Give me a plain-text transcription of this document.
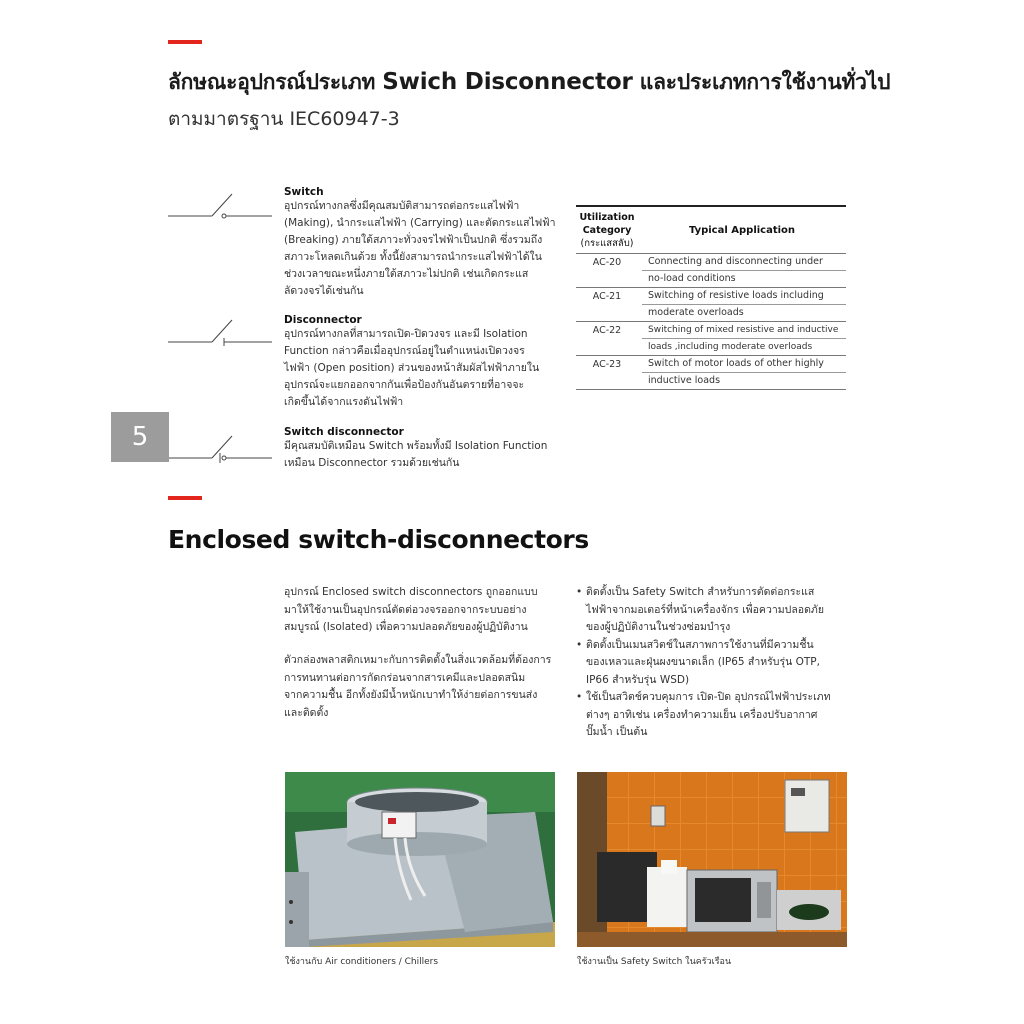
ลักษณะอุปกรณ์ประเภท Swich Disconnector และประเภทการใช้งานทั่วไป
ตามมาตรฐาน IEC60947-3
Switch
อุปกรณ์ทางกลซึ่งมีคุณสมบัติสามารถต่อกระแสไฟฟ้า
(Making), นำกระแสไฟฟ้า (Carrying) และตัดกระแสไฟฟ้า
(Breaking) ภายใต้สภาวะทั่วงจรไฟฟ้าเป็นปกติ ซึ่งรวมถึง
สภาวะโหลดเกินด้วย ทั้งนี้ยังสามารถนำกระแสไฟฟ้าได้ใน
ช่วงเวลาขณะหนึ่งภายใต้สภาวะไม่ปกติ เช่นเกิดกระแส
ลัดวงจรได้เช่นกัน
Disconnector
อุปกรณ์ทางกลที่สามารถเปิด-ปิดวงจร และมี Isolation
Function กล่าวคือเมื่ออุปกรณ์อยู่ในตำแหน่งเปิดวงจร
ไฟฟ้า (Open position) ส่วนของหน้าสัมผัสไฟฟ้าภายใน
อุปกรณ์จะแยกออกจากกันเพื่อป้องกันอันตรายที่อาจจะ
เกิดขึ้นได้จากแรงดันไฟฟ้า
Switch disconnector
มีคุณสมบัติเหมือน Switch พร้อมทั้งมี Isolation Function
เหมือน Disconnector รวมด้วยเช่นกัน
5
Utilization
Category
(กระแสสลับ)
Typical Application
AC-20	Connecting and disconnecting under
no-load conditions
AC-21	Switching of resistive loads including
moderate overloads
AC-22	Switching of mixed resistive and inductive
loads ,including moderate overloads
AC-23	Switch of motor loads of other highly
inductive loads
Enclosed switch-disconnectors
อุปกรณ์ Enclosed switch disconnectors ถูกออกแบบ
มาให้ใช้งานเป็นอุปกรณ์ตัดต่อวงจรออกจากระบบอย่าง
สมบูรณ์ (Isolated) เพื่อความปลอดภัยของผู้ปฏิบัติงาน
ตัวกล่องพลาสติกเหมาะกับการติดตั้งในสิ่งแวดล้อมที่ต้องการ
การทนทานต่อการกัดกร่อนจากสารเคมีและปลอดสนิม
จากความชื้น อีกทั้งยังมีน้ำหนักเบาทำให้ง่ายต่อการขนส่ง
และติดตั้ง
• ติดตั้งเป็น Safety Switch สำหรับการตัดต่อกระแส
ไฟฟ้าจากมอเตอร์ที่หน้าเครื่องจักร เพื่อความปลอดภัย
ของผู้ปฏิบัติงานในช่วงซ่อมบำรุง
• ติดตั้งเป็นเมนสวิตช์ในสภาพการใช้งานที่มีความชื้น
ของเหลวและฝุ่นผงขนาดเล็ก (IP65 สำหรับรุ่น OTP,
IP66 สำหรับรุ่น WSD)
• ใช้เป็นสวิตช์ควบคุมการ เปิด-ปิด อุปกรณ์ไฟฟ้าประเภท
ต่างๆ อาทิเช่น เครื่องทำความเย็น เครื่องปรับอากาศ
ปั๊มน้ำ เป็นต้น
ใช้งานกับ Air conditioners / Chillers	ใช้งานเป็น Safety Switch ในครัวเรือน
